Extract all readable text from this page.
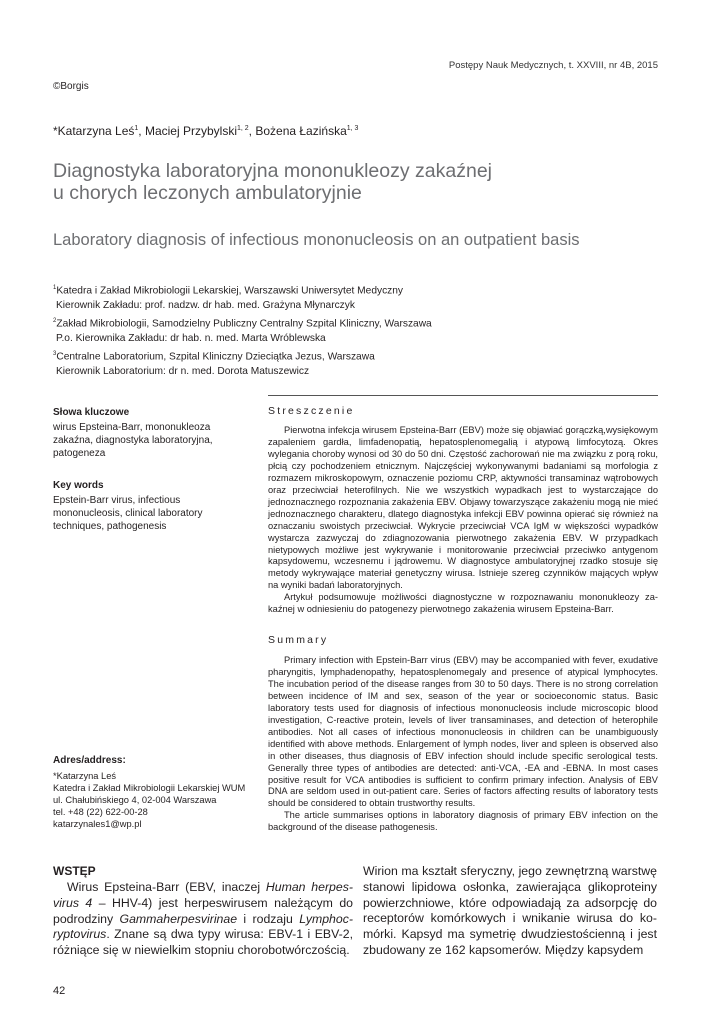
Postępy Nauk Medycznych, t. XXVIII, nr 4B, 2015
©Borgis
*Katarzyna Leś$^1$, Maciej Przybylski$^{1, 2}$, Bożena Łazińska$^{1, 3}$
Diagnostyka laboratoryjna mononukleozy zakaźnej
u chorych leczonych ambulatoryjnie
Laboratory diagnosis of infectious mononucleosis on an outpatient basis
$^1$Katedra i Zakład Mikrobiologii Lekarskiej, Warszawski Uniwersytet Medyczny
Kierownik Zakładu: prof. nadzw. dr hab. med. Grażyna Młynarczyk
$^2$Zakład Mikrobiologii, Samodzielny Publiczny Centralny Szpital Kliniczny, Warszawa
P.o. Kierownika Zakładu: dr hab. n. med. Marta Wróblewska
$^3$Centralne Laboratorium, Szpital Kliniczny Dzieciątka Jezus, Warszawa
Kierownik Laboratorium: dr n. med. Dorota Matuszewicz
Słowa kluczowe
wirus Epsteina-Barr, mononukleoza
zakaźna, diagnostyka laboratoryjna,
patogeneza
Key words
Epstein-Barr virus, infectious
mononucleosis, clinical laboratory
techniques, pathogenesis
Adres/address:
*Katarzyna Leś
Katedra i Zakład Mikrobiologii Lekarskiej WUM
ul. Chałubińskiego 4, 02-004 Warszawa
tel. +48 (22) 622-00-28
katarzynales1@wp.pl
Streszczenie

Pierwotna infekcja wirusem Epsteina-Barr (EBV) może się objawiać gorączką,wysiękowym zapaleniem gardła, limfadenopatią, hepatosplenomegalią i atypową limfocytozą. Okres wylegania choroby wynosi od 30 do 50 dni. Częstość zachorowań nie ma związku z porą roku, płcią czy pochodzeniem etnicznym. Najczęściej wykonywanymi badaniami są morfologia z rozmazem mikroskopowym, oznaczenie poziomu CRP, aktywności transaminaz wątrobowych oraz przeciwciał heterofilnych. Nie we wszystkich wypadkach jest to wystarczające do jednoznacznego rozpoznania zakażenia EBV. Objawy towarzyszące zakażeniu mogą nie mieć jednoznacznego charakteru, dlatego diagnostyka infekcji EBV powinna opierać się również na oznaczaniu swoistych przeciwciał. Wykrycie przeciwciał VCA IgM w większości wypadków wystarcza zazwyczaj do zdiagnozowania pierwotnego zakażenia EBV. W przypadkach nietypowych możliwe jest wykrywanie i monitorowanie przeciwciał przeciwko antygenom kapsydowemu, wczesnemu i jądrowemu. W diagnostyce ambulatoryjnej rzadko stosuje się metody wykrywające materiał genetyczny wirusa. Istnieje szereg czynników mających wpływ na wyniki badań laboratoryjnych.

Artykuł podsumowuje możliwości diagnostyczne w rozpoznawaniu mononukleozy zakaźnej w odniesieniu do patogenezy pierwotnego zakażenia wirusem Epsteina-Barr.

Summary

Primary infection with Epstein-Barr virus (EBV) may be accompanied with fever, exudative pharyngitis, lymphadenopathy, hepatosplenomegaly and presence of atypical lymphocytes. The incubation period of the disease ranges from 30 to 50 days. There is no strong correlation between incidence of IM and sex, season of the year or socioeconomic status. Basic laboratory tests used for diagnosis of infectious mononucleosis include microscopic blood investigation, C-reactive protein, levels of liver transaminases, and detection of heterophile antibodies. Not all cases of infectious mononucleosis in children can be unambiguously identified with above methods. Enlargement of lymph nodes, liver and spleen is observed also in other diseases, thus diagnosis of EBV infection should include specific serological tests. Generally three types of antibodies are detected: anti-VCA, -EA and -EBNA. In most cases positive result for VCA antibodies is sufficient to confirm primary infection. Analysis of EBV DNA are seldom used in out-patient care. Series of factors affecting results of laboratory tests should be considered to obtain trustworthy results.

The article summarises options in laboratory diagnosis of primary EBV infection on the background of the disease pathogenesis.

WSTĘP

Wirus Epsteina-Barr (EBV, inaczej Human herpesvirus 4 – HHV-4) jest herpeswirusem należącym do podrodziny Gammaherpesvirinae i rodzaju Lymphocryptovirus. Znane są dwa typy wirusa: EBV-1 i EBV-2, różniące się w niewielkim stopniu chorobotwórczością.

Wirion ma kształt sferyczny, jego zewnętrzną warstwę stanowi lipidowa osłonka, zawierająca glikoproteiny powierzchniowe, które odpowiadają za adsorpcję do receptorów komórkowych i wnikanie wirusa do komórki. Kapsyd ma symetrię dwudziestościenną i jest zbudowany ze 162 kapsomerów. Między kapsydem

42
